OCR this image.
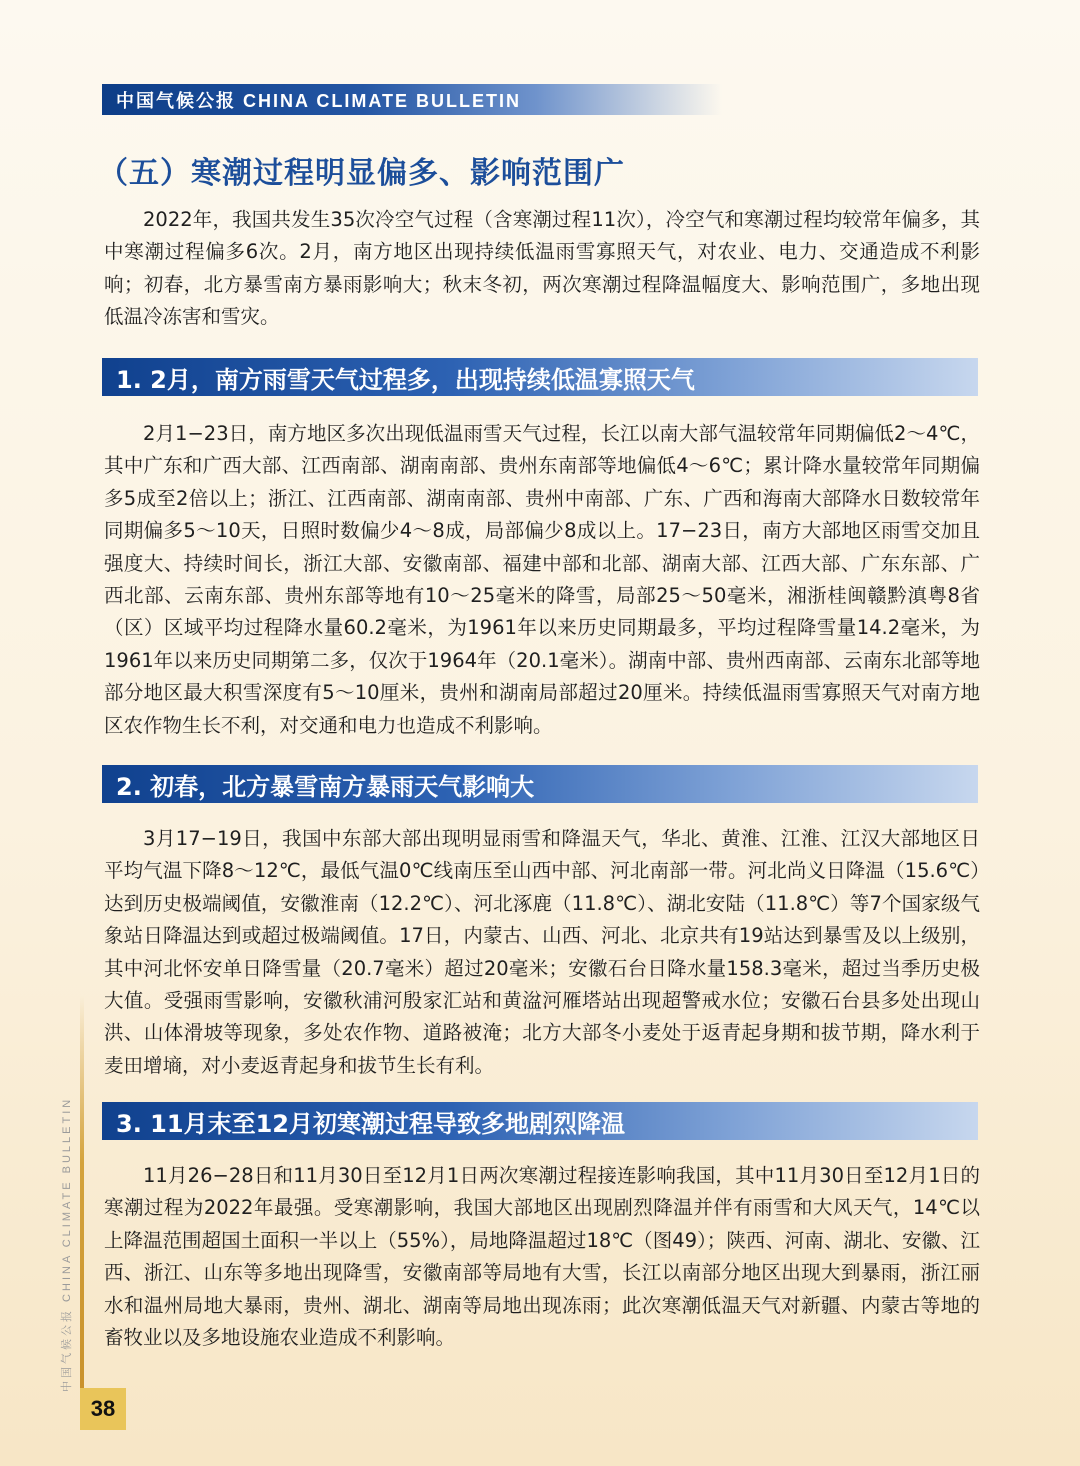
中国气候公报 CHINA CLIMATE BULLETIN
（五）寒潮过程明显偏多、影响范围广

2022年，我国共发生35次冷空气过程（含寒潮过程11次），冷空气和寒潮过程均较常年偏多，其中寒潮过程偏多6次。2月，南方地区出现持续低温雨雪寡照天气，对农业、电力、交通造成不利影响；初春，北方暴雪南方暴雨影响大；秋末冬初，两次寒潮过程降温幅度大、影响范围广，多地出现低温冷冻害和雪灾。

1. 2月，南方雨雪天气过程多，出现持续低温寡照天气

2月1−23日，南方地区多次出现低温雨雪天气过程，长江以南大部气温较常年同期偏低2～4℃，其中广东和广西大部、江西南部、湖南南部、贵州东南部等地偏低4～6℃；累计降水量较常年同期偏多5成至2倍以上；浙江、江西南部、湖南南部、贵州中南部、广东、广西和海南大部降水日数较常年同期偏多5～10天，日照时数偏少4～8成，局部偏少8成以上。17−23日，南方大部地区雨雪交加且强度大、持续时间长，浙江大部、安徽南部、福建中部和北部、湖南大部、江西大部、广东东部、广西北部、云南东部、贵州东部等地有10～25毫米的降雪，局部25～50毫米，湘浙桂闽赣黔滇粤8省（区）区域平均过程降水量60.2毫米，为1961年以来历史同期最多，平均过程降雪量14.2毫米，为1961年以来历史同期第二多，仅次于1964年（20.1毫米）。湖南中部、贵州西南部、云南东北部等地部分地区最大积雪深度有5～10厘米，贵州和湖南局部超过20厘米。持续低温雨雪寡照天气对南方地区农作物生长不利，对交通和电力也造成不利影响。

2. 初春，北方暴雪南方暴雨天气影响大

3月17−19日，我国中东部大部出现明显雨雪和降温天气，华北、黄淮、江淮、江汉大部地区日平均气温下降8～12℃，最低气温0℃线南压至山西中部、河北南部一带。河北尚义日降温（15.6℃）达到历史极端阈值，安徽淮南（12.2℃）、河北涿鹿（11.8℃）、湖北安陆（11.8℃）等7个国家级气象站日降温达到或超过极端阈值。17日，内蒙古、山西、河北、北京共有19站达到暴雪及以上级别，其中河北怀安单日降雪量（20.7毫米）超过20毫米；安徽石台日降水量158.3毫米，超过当季历史极大值。受强雨雪影响，安徽秋浦河殷家汇站和黄湓河雁塔站出现超警戒水位；安徽石台县多处出现山洪、山体滑坡等现象，多处农作物、道路被淹；北方大部冬小麦处于返青起身期和拔节期，降水利于麦田增墒，对小麦返青起身和拔节生长有利。

3. 11月末至12月初寒潮过程导致多地剧烈降温

11月26−28日和11月30日至12月1日两次寒潮过程接连影响我国，其中11月30日至12月1日的寒潮过程为2022年最强。受寒潮影响，我国大部地区出现剧烈降温并伴有雨雪和大风天气，14℃以上降温范围超国土面积一半以上（55%），局地降温超过18℃（图49）；陕西、河南、湖北、安徽、江西、浙江、山东等多地出现降雪，安徽南部等局地有大雪，长江以南部分地区出现大到暴雨，浙江丽水和温州局地大暴雨，贵州、湖北、湖南等局地出现冻雨；此次寒潮低温天气对新疆、内蒙古等地的畜牧业以及多地设施农业造成不利影响。

中国气候公报 CHINA CLIMATE BULLETIN
38
